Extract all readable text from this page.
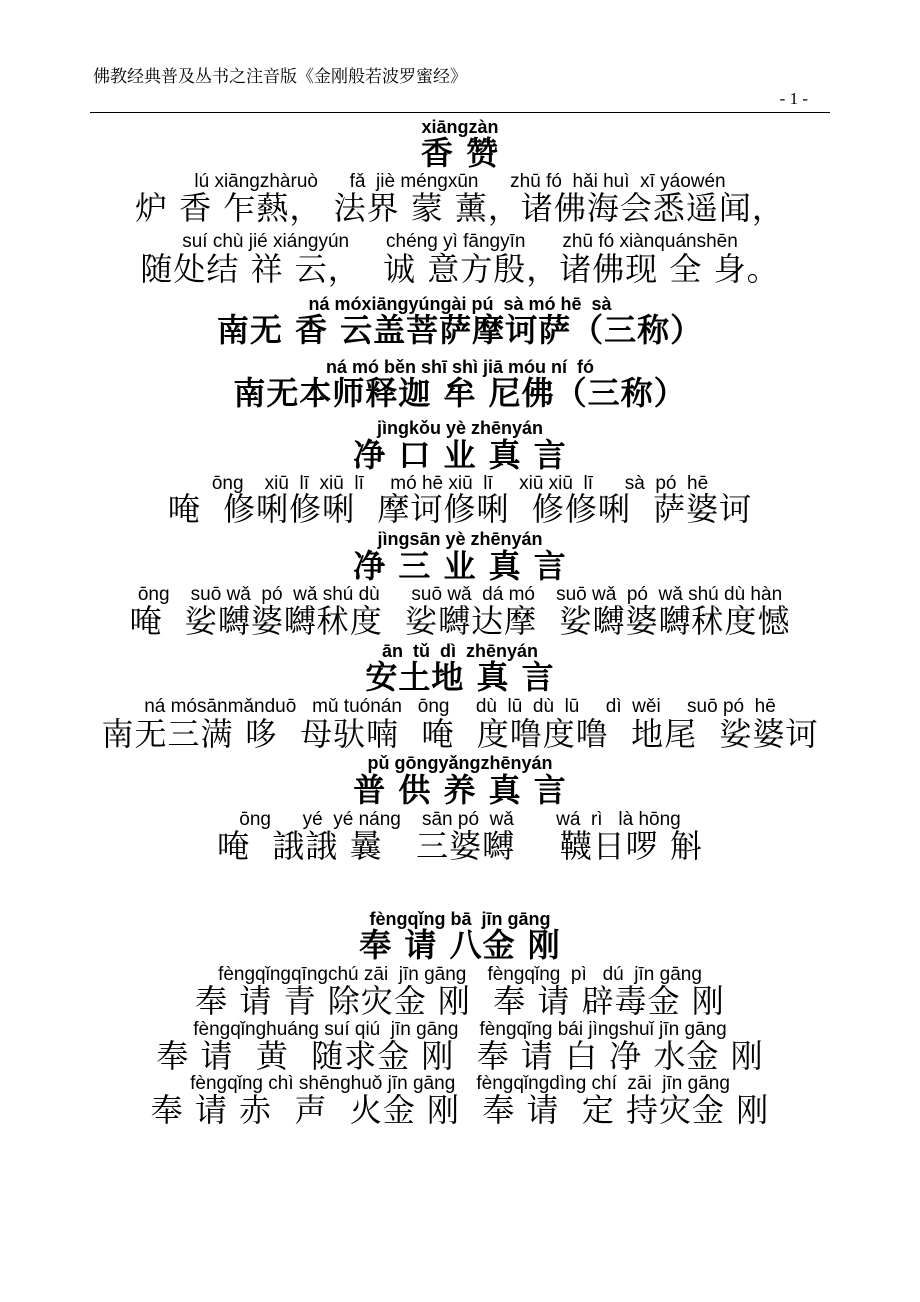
佛教经典普及丛书之注音版《金刚般若波罗蜜经》
- 1 -
xiāngzàn
香 赞
lú xiāngzhàruò      fǎ  jiè méngxūn      zhū fó  hǎi huì  xī yáowén
炉 香 乍爇， 法界 蒙 薰，诸佛海会悉遥闻，
suí chù jié xiángyún       chéng yì fāngyīn       zhū fó xiànquánshēn
随处结 祥 云，  诚 意方殷，诸佛现 全 身。
ná móxiāngyúngài pú  sà mó hē  sà
南无 香 云盖菩萨摩诃萨（三称）
ná mó běn shī shì jiā móu ní  fó
南无本师释迦 牟 尼佛（三称）
jìngkǒu yè zhēnyán
净 口 业 真 言
ōng    xiū  lī  xiū  lī     mó hē xiū  lī     xiū xiū  lī      sà  pó  hē
唵  修唎修唎  摩诃修唎  修修唎  萨婆诃
jìngsān yè zhēnyán
净 三 业 真 言
ōng    suō wǎ  pó  wǎ shú dù      suō wǎ  dá mó    suō wǎ  pó  wǎ shú dù hàn
唵  娑嚩婆嚩秫度  娑嚩达摩  娑嚩婆嚩秫度憾
ān  tǔ  dì  zhēnyán
安土地 真 言
ná mósānmǎnduō   mǔ tuónán   ōng     dù  lū  dù  lū     dì  wěi     suō pó  hē
南无三满 哆  母驮喃  唵  度噜度噜  地尾  娑婆诃
pǔ gōngyǎngzhēnyán
普 供 养 真 言
ōng      yé  yé náng    sān pó  wǎ        wá  rì   là hōng
唵  誐誐 曩   三婆嚩    韈日啰 斛
fèngqǐng bā  jīn gāng
奉 请 八金 刚
fèngqǐngqīngchú zāi  jīn gāng    fèngqǐng  pì   dú  jīn gāng
奉 请 青 除灾金 刚  奉 请 辟毒金 刚
fèngqǐnghuáng suí qiú  jīn gāng    fèngqǐng bái jìngshuǐ jīn gāng
奉 请  黄  随求金 刚  奉 请 白 净 水金 刚
fèngqǐng chì shēnghuǒ jīn gāng    fèngqǐngdìng chí  zāi  jīn gāng
奉 请 赤  声  火金 刚  奉 请  定 持灾金 刚
